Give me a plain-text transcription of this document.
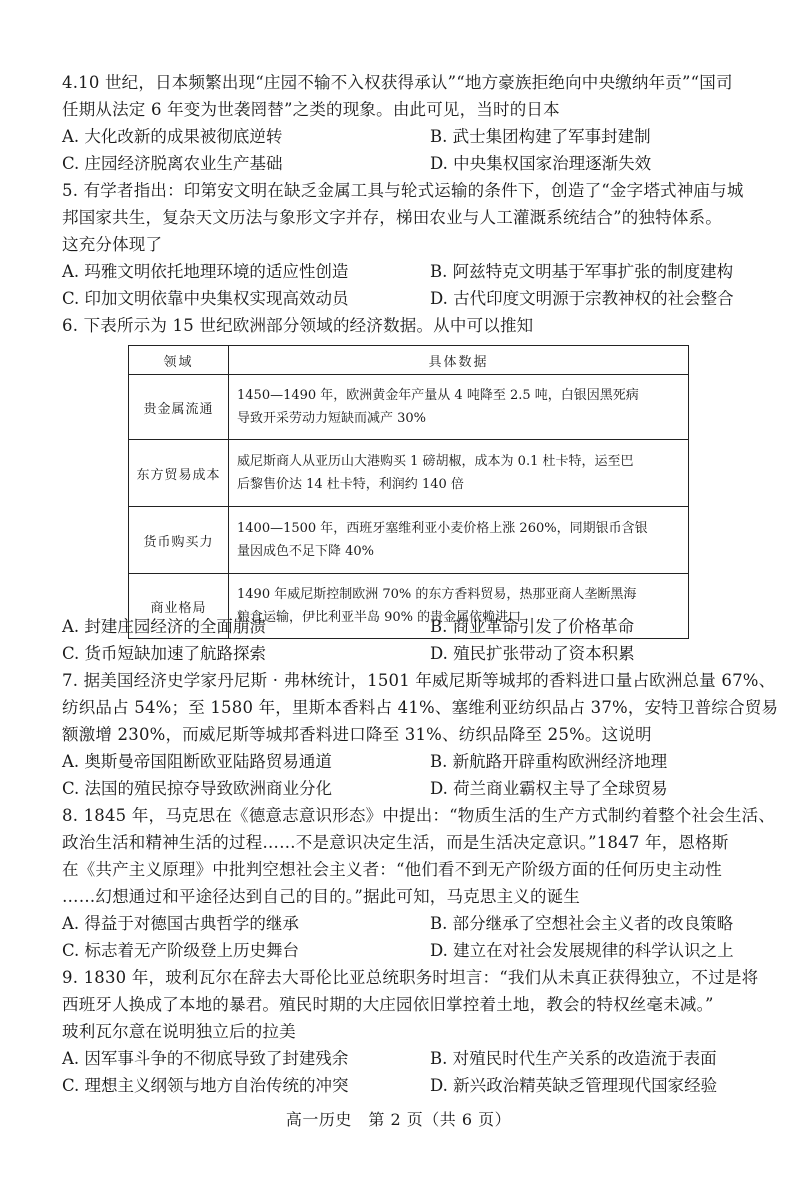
4.10 世纪，日本频繁出现“庄园不输不入权获得承认”“地方豪族拒绝向中央缴纳年贡”“国司
任期从法定 6 年变为世袭罔替”之类的现象。由此可见，当时的日本
A. 大化改新的成果被彻底逆转	B. 武士集团构建了军事封建制
C. 庄园经济脱离农业生产基础	D. 中央集权国家治理逐渐失效
5. 有学者指出：印第安文明在缺乏金属工具与轮式运输的条件下，创造了“金字塔式神庙与城
邦国家共生，复杂天文历法与象形文字并存，梯田农业与人工灌溉系统结合”的独特体系。
这充分体现了
A. 玛雅文明依托地理环境的适应性创造	B. 阿兹特克文明基于军事扩张的制度建构
C. 印加文明依靠中央集权实现高效动员	D. 古代印度文明源于宗教神权的社会整合
6. 下表所示为 15 世纪欧洲部分领域的经济数据。从中可以推知
领域	具体数据
贵金属流通	1450—1490 年，欧洲黄金年产量从 4 吨降至 2.5 吨，白银因黑死病
导致开采劳动力短缺而减产 30%

东方贸易成本	威尼斯商人从亚历山大港购买 1 磅胡椒，成本为 0.1 杜卡特，运至巴
后黎售价达 14 杜卡特，利润约 140 倍

货币购买力	1400—1500 年，西班牙塞维利亚小麦价格上涨 260%，同期银币含银
量因成色不足下降 40%

商业格局	1490 年威尼斯控制欧洲 70% 的东方香料贸易，热那亚商人垄断黑海
粮食运输，伊比利亚半岛 90% 的贵金属依赖进口
A. 封建庄园经济的全面崩溃	B. 商业革命引发了价格革命
C. 货币短缺加速了航路探索	D. 殖民扩张带动了资本积累
7. 据美国经济史学家丹尼斯 · 弗林统计，1501 年威尼斯等城邦的香料进口量占欧洲总量 67%、
纺织品占 54%；至 1580 年，里斯本香料占 41%、塞维利亚纺织品占 37%，安特卫普综合贸易
额激增 230%，而威尼斯等城邦香料进口降至 31%、纺织品降至 25%。这说明
A. 奥斯曼帝国阻断欧亚陆路贸易通道	B. 新航路开辟重构欧洲经济地理
C. 法国的殖民掠夺导致欧洲商业分化	D. 荷兰商业霸权主导了全球贸易
8. 1845 年，马克思在《德意志意识形态》中提出：“物质生活的生产方式制约着整个社会生活、
政治生活和精神生活的过程……不是意识决定生活，而是生活决定意识。”1847 年，恩格斯
在《共产主义原理》中批判空想社会主义者：“他们看不到无产阶级方面的任何历史主动性
……幻想通过和平途径达到自己的目的。”据此可知，马克思主义的诞生
A. 得益于对德国古典哲学的继承	B. 部分继承了空想社会主义者的改良策略
C. 标志着无产阶级登上历史舞台	D. 建立在对社会发展规律的科学认识之上
9. 1830 年，玻利瓦尔在辞去大哥伦比亚总统职务时坦言：“我们从未真正获得独立，不过是将
西班牙人换成了本地的暴君。殖民时期的大庄园依旧掌控着土地，教会的特权丝毫未减。”
玻利瓦尔意在说明独立后的拉美
A. 因军事斗争的不彻底导致了封建残余	B. 对殖民时代生产关系的改造流于表面
C. 理想主义纲领与地方自治传统的冲突	D. 新兴政治精英缺乏管理现代国家经验
高一历史　第 2 页（共 6 页）
